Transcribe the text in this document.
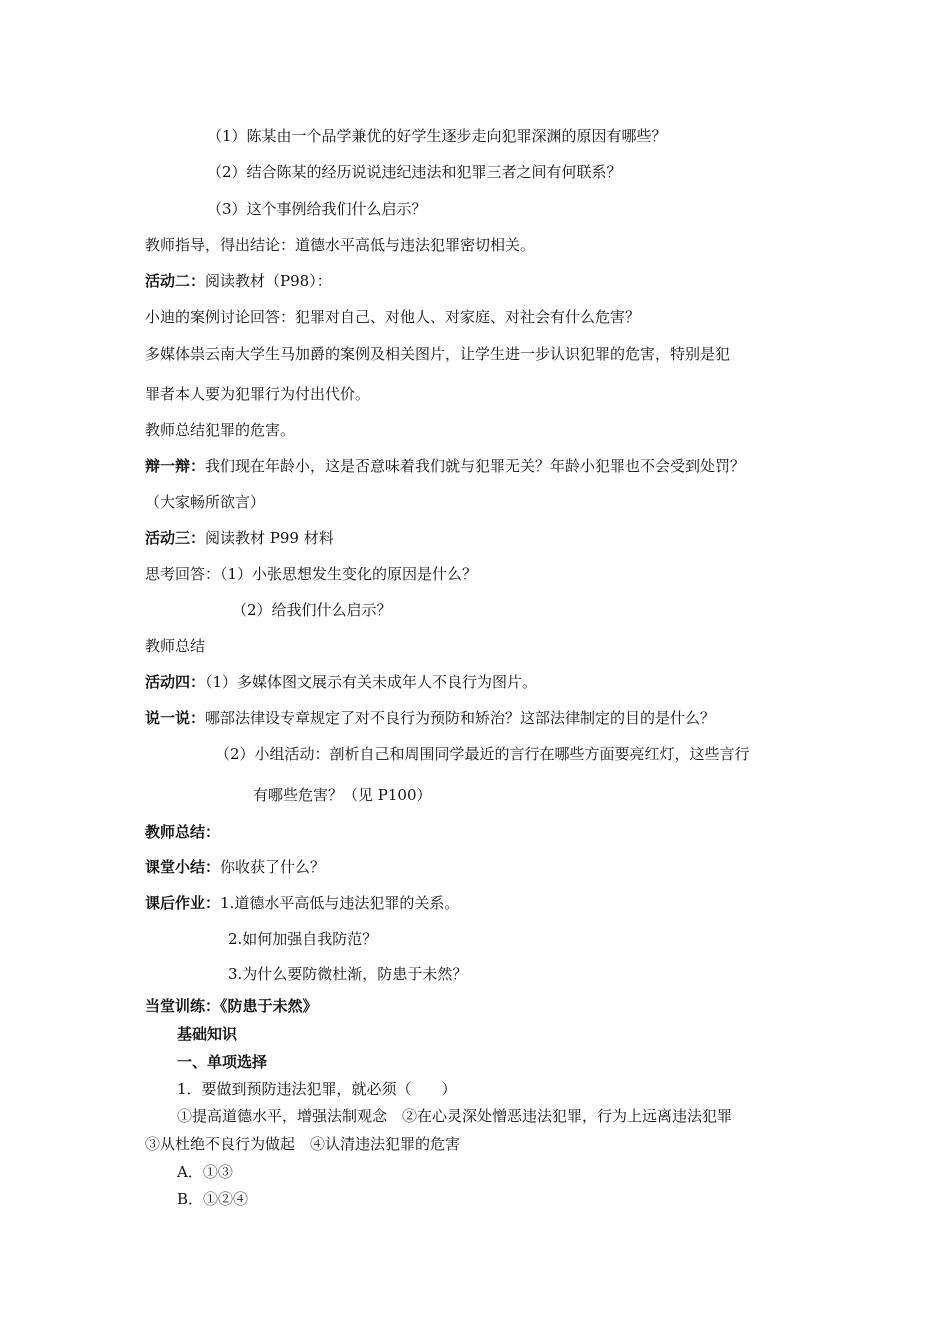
（1）陈某由一个品学兼优的好学生逐步走向犯罪深渊的原因有哪些？
（2）结合陈某的经历说说违纪违法和犯罪三者之间有何联系？
（3）这个事例给我们什么启示？
教师指导，得出结论：道德水平高低与违法犯罪密切相关。
活动二：阅读教材（P98）：
小迪的案例讨论回答：犯罪对自己、对他人、对家庭、对社会有什么危害？
多媒体祟云南大学生马加爵的案例及相关图片，让学生进一步认识犯罪的危害，特别是犯
罪者本人要为犯罪行为付出代价。
教师总结犯罪的危害。
辩一辩：我们现在年龄小，这是否意味着我们就与犯罪无关？年龄小犯罪也不会受到处罚？
（大家畅所欲言）
活动三：阅读教材 P99 材料
思考回答：（1）小张思想发生变化的原因是什么？
（2）给我们什么启示？
教师总结
活动四：（1）多媒体图文展示有关未成年人不良行为图片。
说一说：哪部法律设专章规定了对不良行为预防和矫治？这部法律制定的目的是什么？
（2）小组活动：剖析自己和周围同学最近的言行在哪些方面要亮红灯，这些言行
有哪些危害？（见 P100）
教师总结：
课堂小结：你收获了什么？
课后作业：1.道德水平高低与违法犯罪的关系。
2.如何加强自我防范？
3.为什么要防微杜渐，防患于未然？
当堂训练：《防患于未然》
基础知识
一、单项选择
1．要做到预防违法犯罪，就必须（　　）
①提高道德水平，增强法制观念　②在心灵深处憎恶违法犯罪，行为上远离违法犯罪
③从杜绝不良行为做起　④认清违法犯罪的危害
A．①③
B．①②④
